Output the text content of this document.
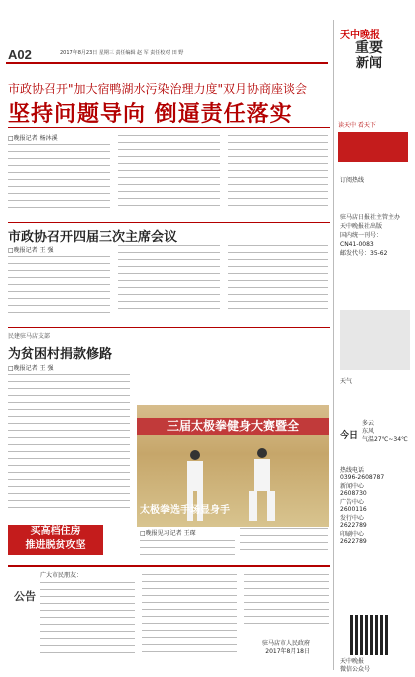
A02	2017年8月23日 星期三 责任编辑 赵 军 责任校对 田 野
天中晚报
重要
新闻
市政协召开"加大宿鸭湖水污染治理力度"双月协商座谈会
坚持问题导向 倒逼责任落实
□晚报记者 杨沐溪
市政协召开四届三次主席会议
□晚报记者 王 强
民建驻马店支部
为贫困村捐款修路
□晚报记者 王 强
三届太极拳健身大赛暨全
太极拳选手场显身手
□晚报见习记者 王琛
买高档住房
推进脱贫攻坚
公告
广大市民朋友：
驻马店市人民政府
2017年8月18日
读天中 看天下
订阅热线
驻马店日报社主管主办
天中晚报社出版
国内统一刊号：
CN41-0083
邮发代号：35-62
天气
今日
多云
东风
气温27℃~34℃
热线电话
0396-2608787
新闻中心
2608730
广告中心
2600116
发行中心
2622789
印刷中心
2622789
天中晚报
微信公众号
